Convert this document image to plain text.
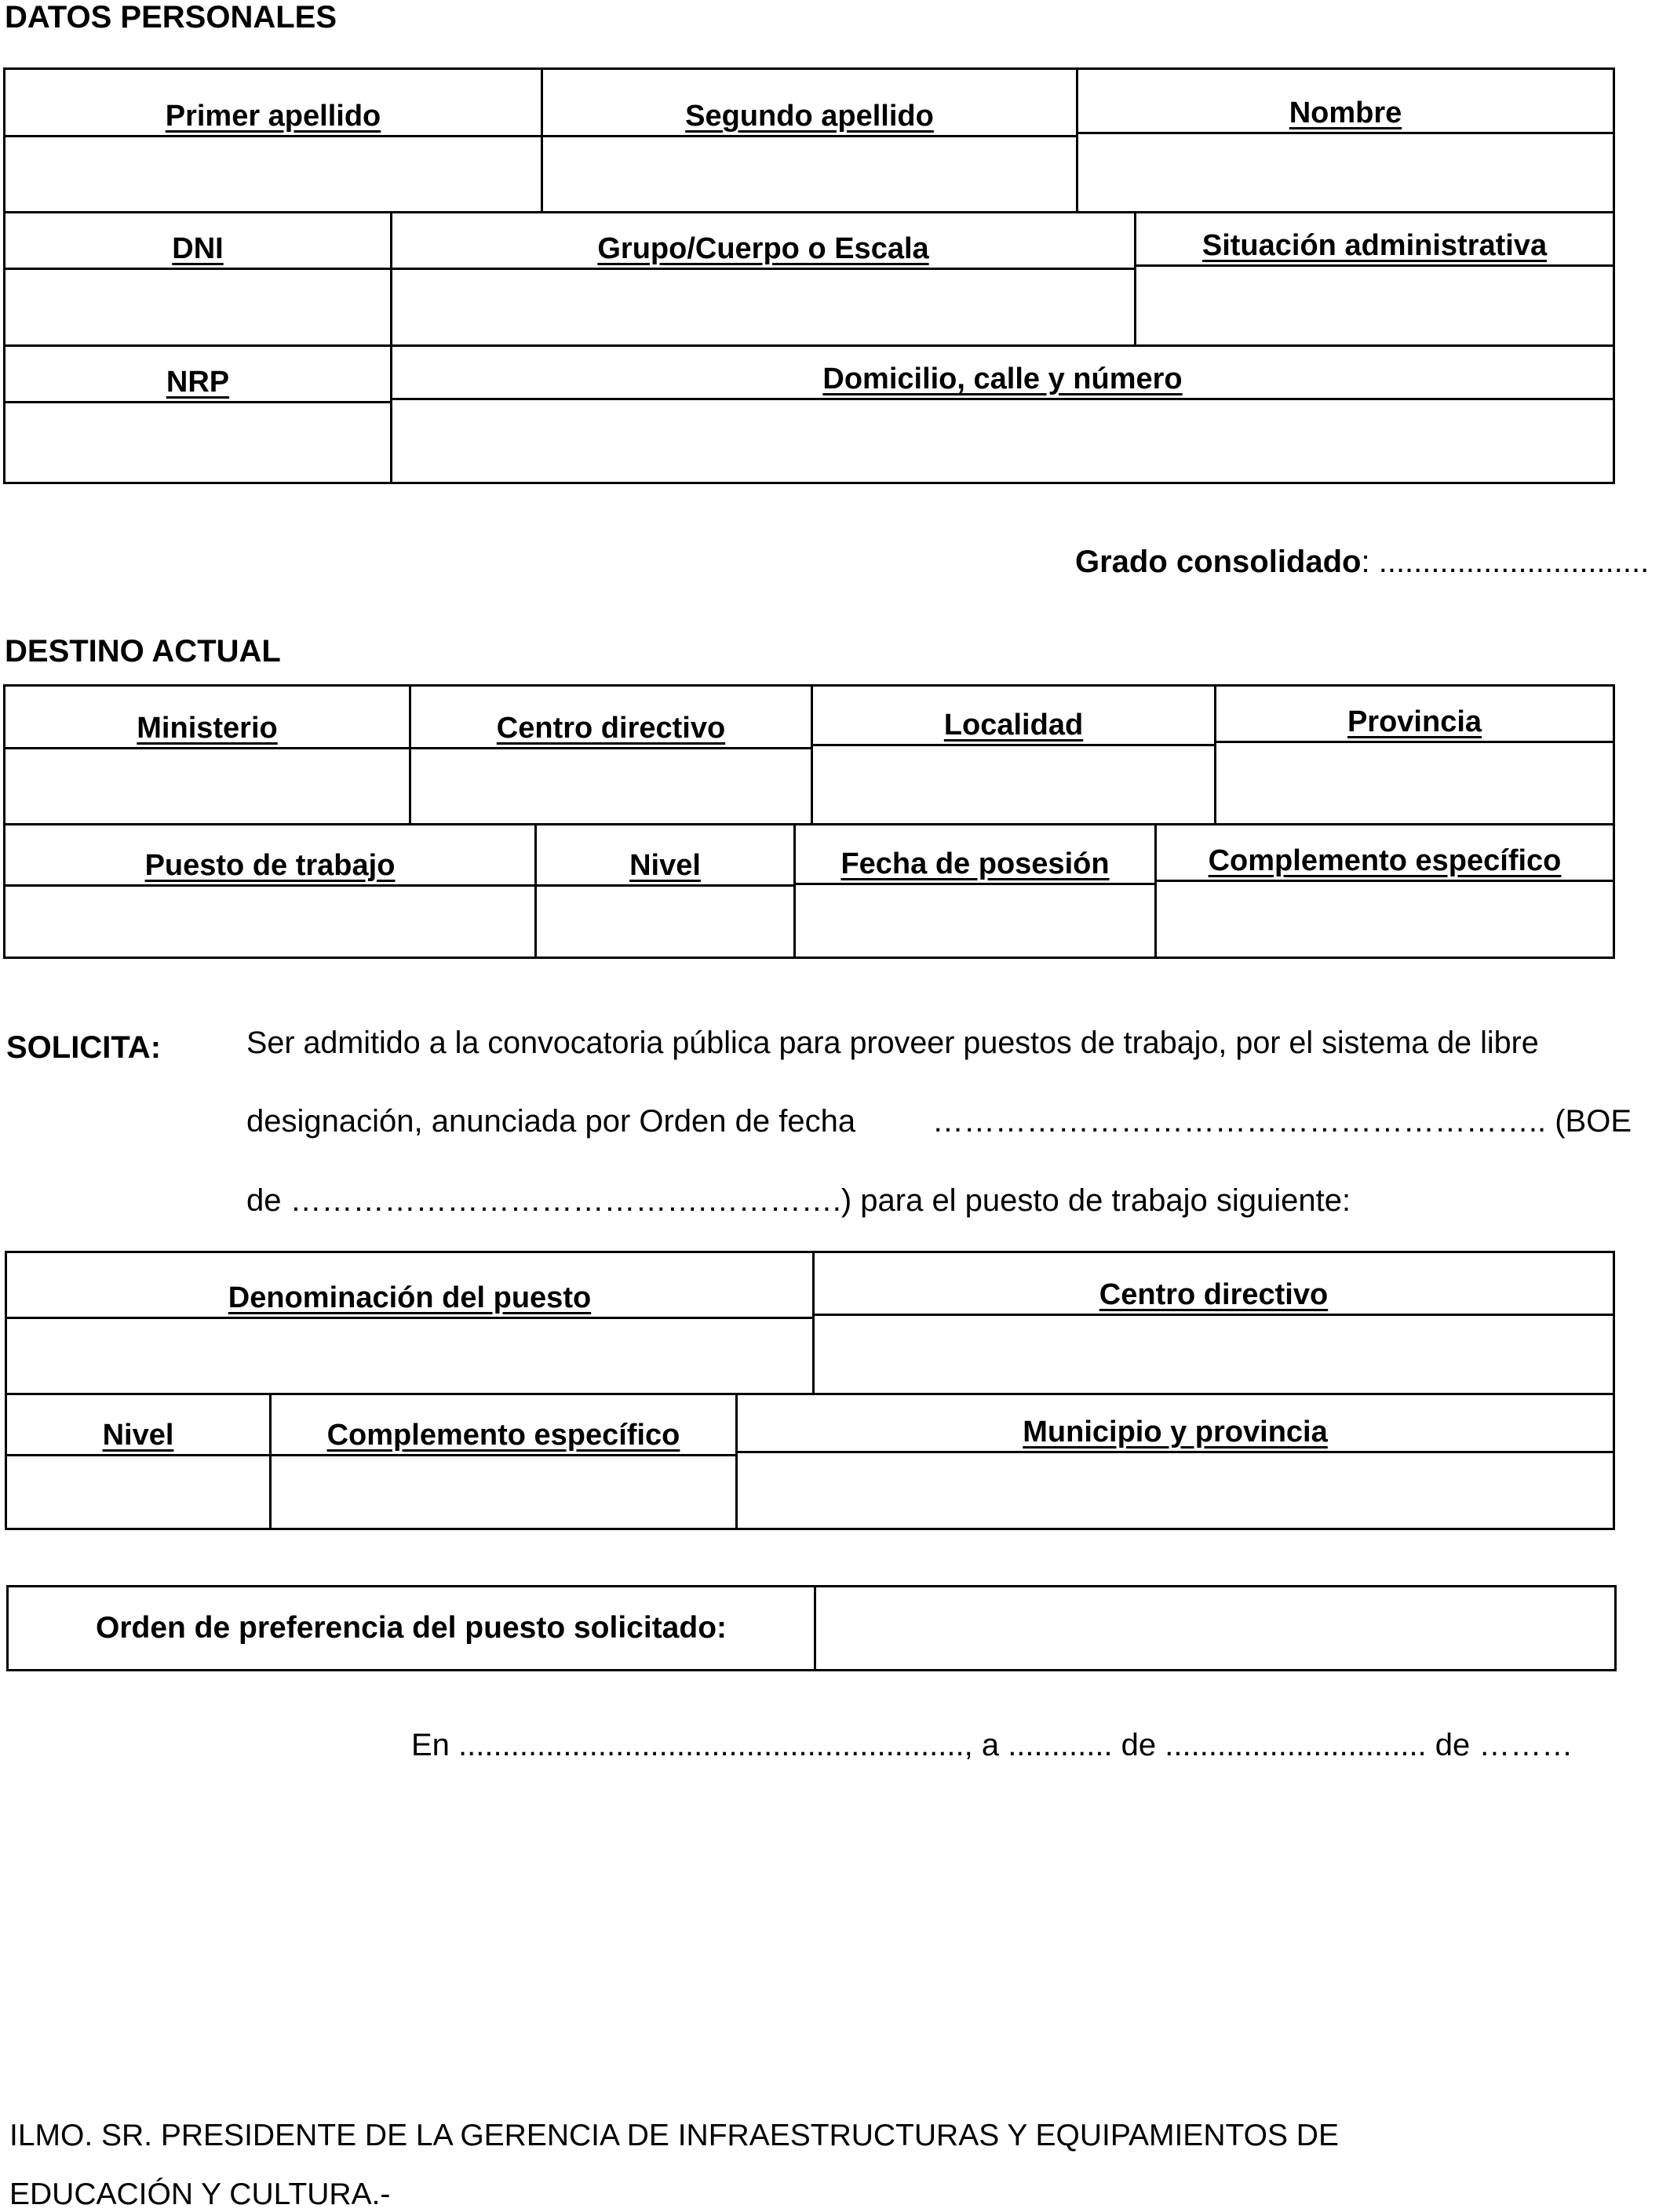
DATOS PERSONALES
Primer apellido	Segundo apellido	Nombre
DNI	Grupo/Cuerpo o Escala	Situación administrativa
NRP	Domicilio, calle y número
Grado consolidado: ...............................
DESTINO ACTUAL
Ministerio	Centro directivo	Localidad	Provincia
Puesto de trabajo	Nivel	Fecha de posesión	Complemento específico
SOLICITA:	Ser admitido a la convocatoria pública para proveer puestos de trabajo, por el sistema de libre
designación, anunciada por Orden de fecha ………………………………………………….. (BOE
de ………………………………….………….) para el puesto de trabajo siguiente:
Denominación del puesto	Centro directivo
Nivel	Complemento específico	Municipio y provincia
Orden de preferencia del puesto solicitado:
En .........................................................., a ............ de .............................. de ………
ILMO. SR. PRESIDENTE DE LA GERENCIA DE INFRAESTRUCTURAS Y EQUIPAMIENTOS DE
EDUCACIÓN Y CULTURA.-
